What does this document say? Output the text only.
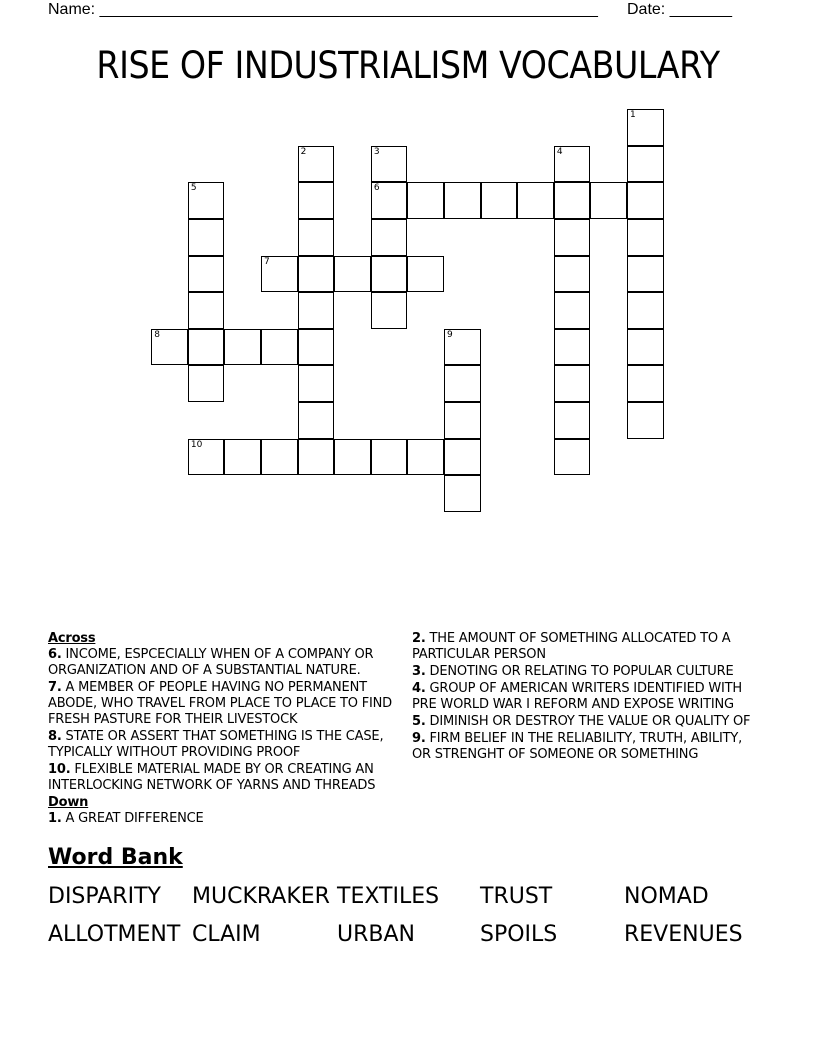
Name: ________________________________________________________ Date: _______
RISE OF INDUSTRIALISM VOCABULARY
1
2	3
6
4
5
7
8	9
10
Across
6. INCOME, ESPCECIALLY WHEN OF A COMPANY OR ORGANIZATION AND OF A SUBSTANTIAL NATURE.
7. A MEMBER OF PEOPLE HAVING NO PERMANENT ABODE, WHO TRAVEL FROM PLACE TO PLACE TO FIND FRESH PASTURE FOR THEIR LIVESTOCK
8. STATE OR ASSERT THAT SOMETHING IS THE CASE, TYPICALLY WITHOUT PROVIDING PROOF
10. FLEXIBLE MATERIAL MADE BY OR CREATING AN INTERLOCKING NETWORK OF YARNS AND THREADS
Down
1. A GREAT DIFFERENCE
2. THE AMOUNT OF SOMETHING ALLOCATED TO A PARTICULAR PERSON
3. DENOTING OR RELATING TO POPULAR CULTURE
4. GROUP OF AMERICAN WRITERS IDENTIFIED WITH PRE WORLD WAR I REFORM AND EXPOSE WRITING
5. DIMINISH OR DESTROY THE VALUE OR QUALITY OF
9. FIRM BELIEF IN THE RELIABILITY, TRUTH, ABILITY, OR STRENGHT OF SOMEONE OR SOMETHING
Word Bank
DISPARITY MUCKRAKER TEXTILES TRUST	NOMAD
ALLOTMENT CLAIM	URBAN	SPOILS	REVENUES
